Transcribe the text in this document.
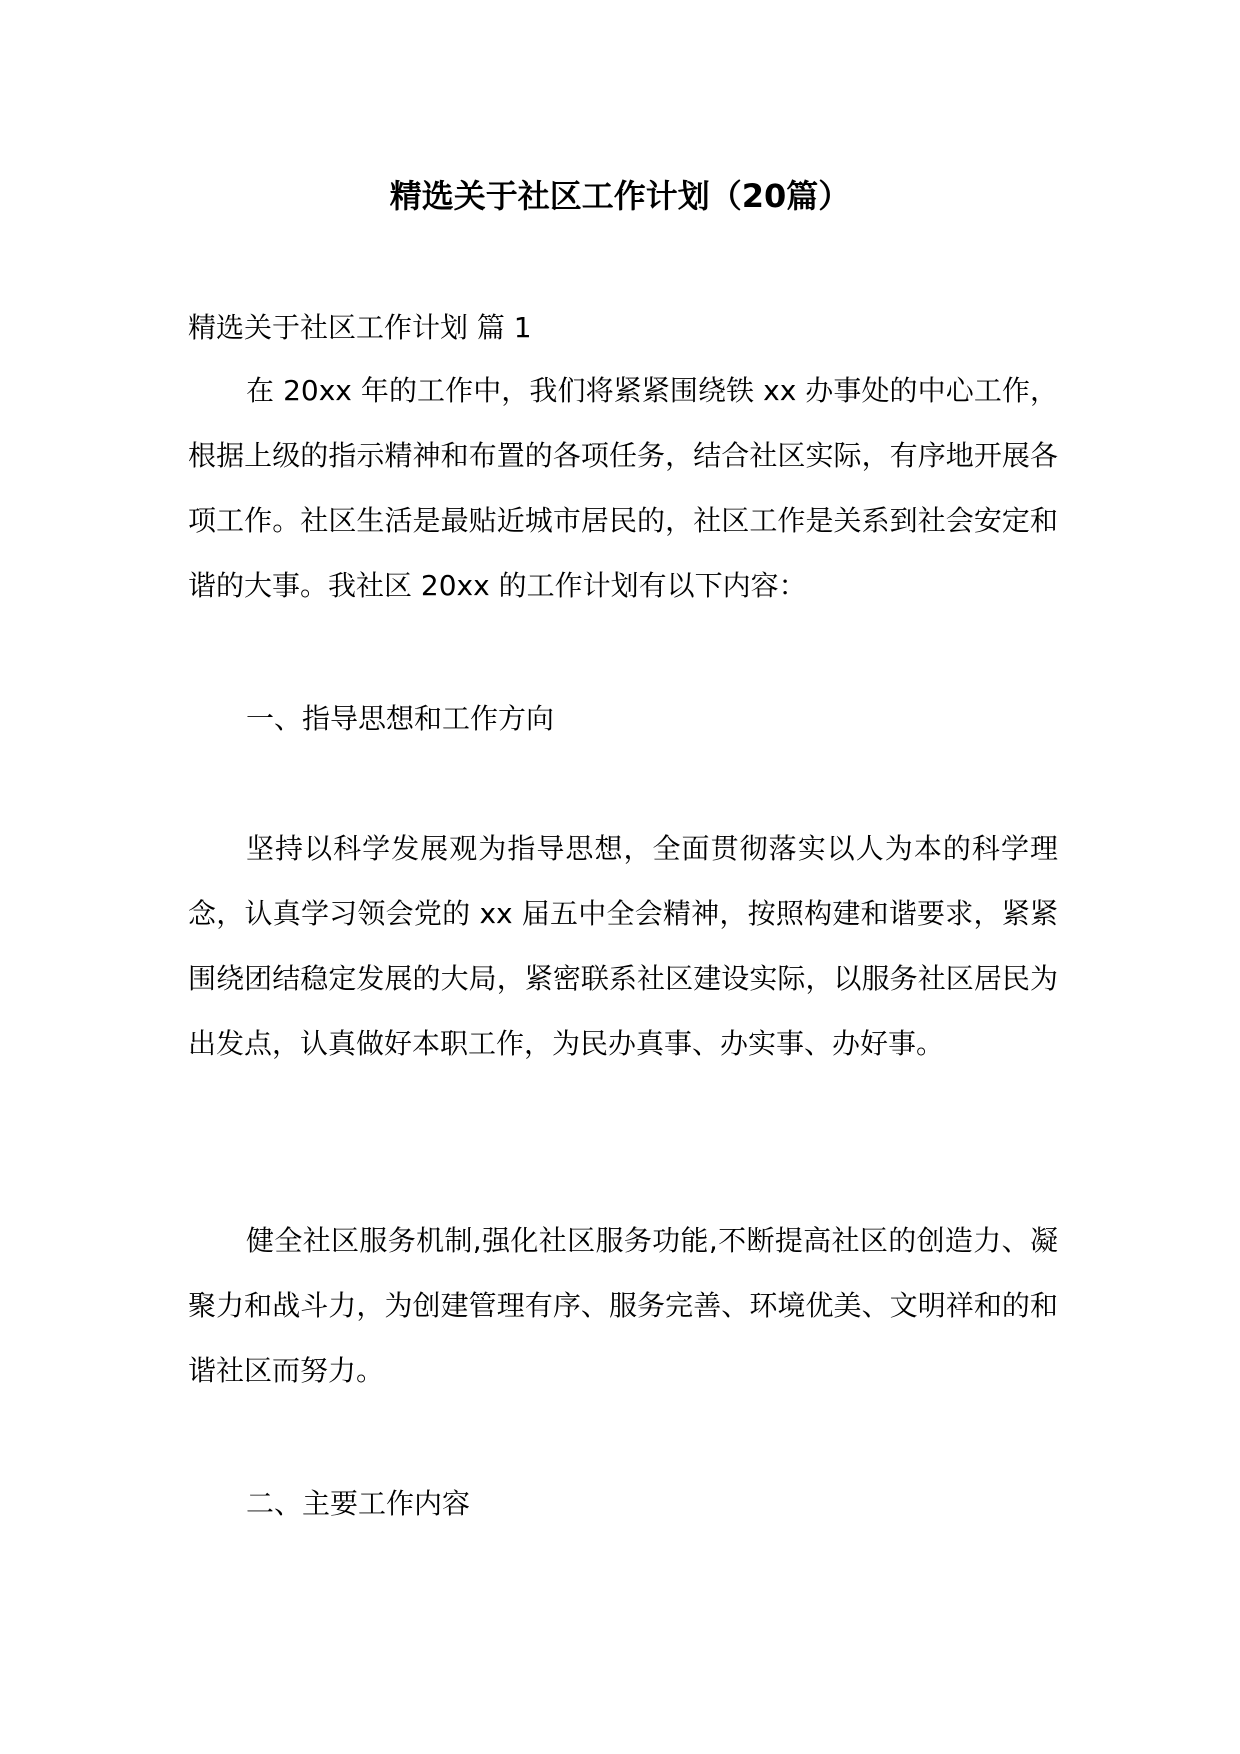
精选关于社区工作计划（20篇）
精选关于社区工作计划 篇 1

在 20xx 年的工作中，我们将紧紧围绕铁 xx 办事处的中心工作，根据上级的指示精神和布置的各项任务，结合社区实际，有序地开展各项工作。社区生活是最贴近城市居民的，社区工作是关系到社会安定和谐的大事。我社区 20xx 的工作计划有以下内容：

一、指导思想和工作方向

坚持以科学发展观为指导思想，全面贯彻落实以人为本的科学理念，认真学习领会党的 xx 届五中全会精神，按照构建和谐要求，紧紧围绕团结稳定发展的大局，紧密联系社区建设实际，以服务社区居民为出发点，认真做好本职工作，为民办真事、办实事、办好事。

健全社区服务机制,强化社区服务功能,不断提高社区的创造力、凝聚力和战斗力，为创建管理有序、服务完善、环境优美、文明祥和的和谐社区而努力。

二、主要工作内容
